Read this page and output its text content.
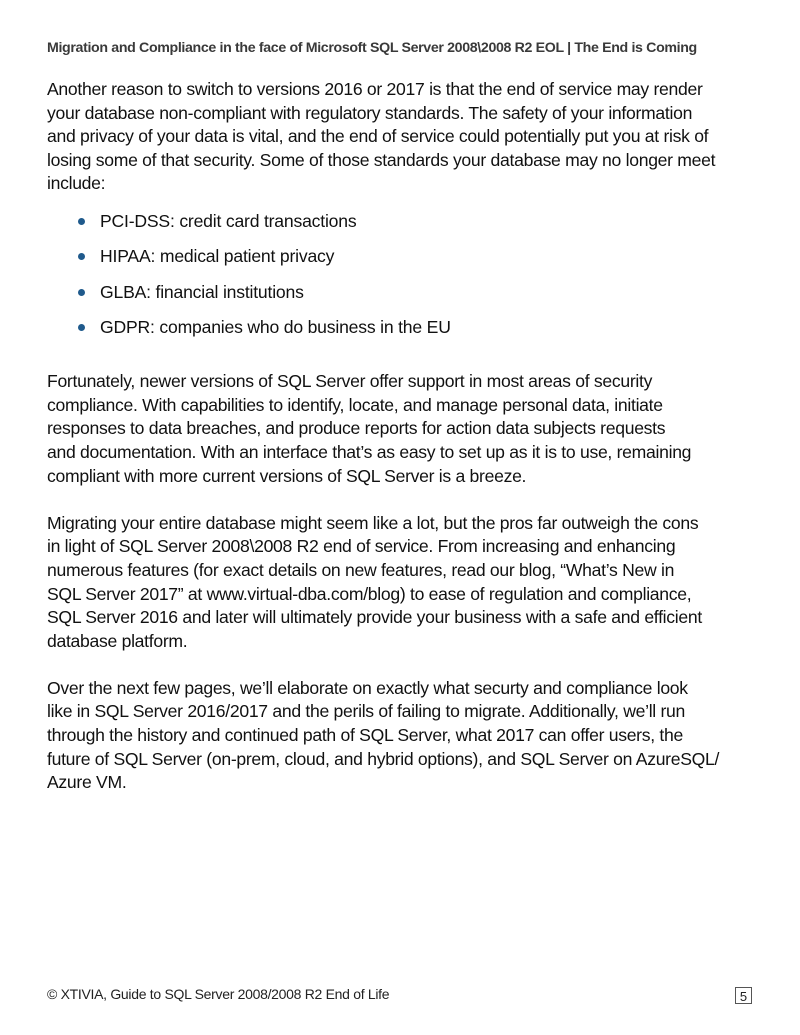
Migration and Compliance in the face of Microsoft SQL Server 2008\2008 R2 EOL | The End is Coming

Another reason to switch to versions 2016 or 2017 is that the end of service may render
your database non-compliant with regulatory standards. The safety of your information
and privacy of your data is vital, and the end of service could potentially put you at risk of
losing some of that security. Some of those standards your database may no longer meet
include:

PCI-DSS: credit card transactions
HIPAA: medical patient privacy
GLBA: financial institutions
GDPR: companies who do business in the EU

Fortunately, newer versions of SQL Server offer support in most areas of security
compliance. With capabilities to identify, locate, and manage personal data, initiate
responses to data breaches, and produce reports for action data subjects requests
and documentation. With an interface that’s as easy to set up as it is to use, remaining
compliant with more current versions of SQL Server is a breeze.

Migrating your entire database might seem like a lot, but the pros far outweigh the cons
in light of SQL Server 2008\2008 R2 end of service. From increasing and enhancing
numerous features (for exact details on new features, read our blog, “What’s New in
SQL Server 2017” at www.virtual-dba.com/blog) to ease of regulation and compliance,
SQL Server 2016 and later will ultimately provide your business with a safe and efficient
database platform.

Over the next few pages, we’ll elaborate on exactly what securty and compliance look
like in SQL Server 2016/2017 and the perils of failing to migrate. Additionally, we’ll run
through the history and continued path of SQL Server, what 2017 can offer users, the
future of SQL Server (on-prem, cloud, and hybrid options), and SQL Server on AzureSQL/
Azure VM.

© XTIVIA, Guide to SQL Server 2008/2008 R2 End of Life	5
